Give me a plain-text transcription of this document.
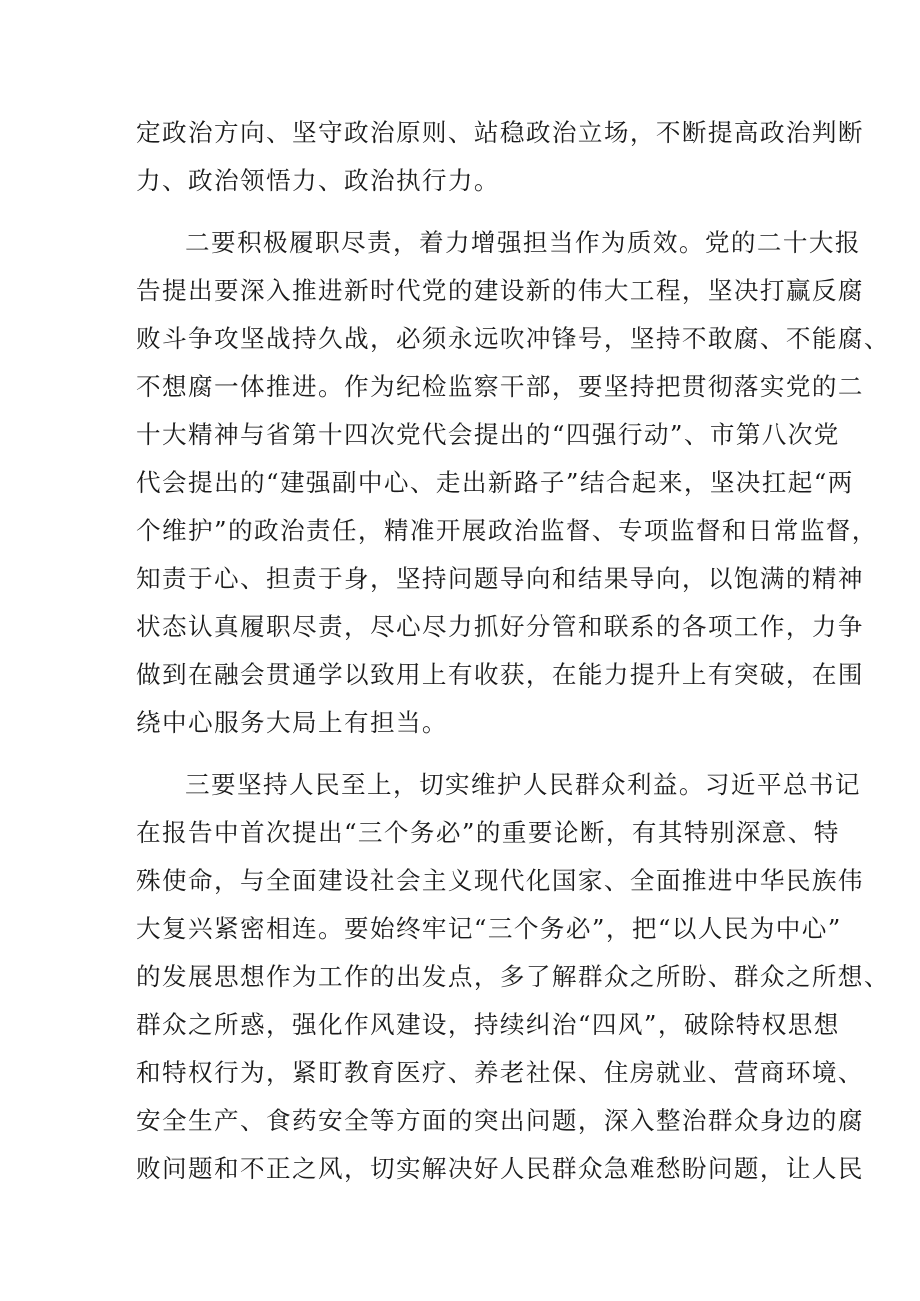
定政治方向、坚守政治原则、站稳政治立场，不断提高政治判断
力、政治领悟力、政治执行力。
二要积极履职尽责，着力增强担当作为质效。党的二十大报
告提出要深入推进新时代党的建设新的伟大工程，坚决打赢反腐
败斗争攻坚战持久战，必须永远吹冲锋号，坚持不敢腐、不能腐、
不想腐一体推进。作为纪检监察干部，要坚持把贯彻落实党的二
十大精神与省第十四次党代会提出的“四强行动”、市第八次党
代会提出的“建强副中心、走出新路子”结合起来，坚决扛起“两
个维护”的政治责任，精准开展政治监督、专项监督和日常监督，
知责于心、担责于身，坚持问题导向和结果导向，以饱满的精神
状态认真履职尽责，尽心尽力抓好分管和联系的各项工作，力争
做到在融会贯通学以致用上有收获，在能力提升上有突破，在围
绕中心服务大局上有担当。
三要坚持人民至上，切实维护人民群众利益。习近平总书记
在报告中首次提出“三个务必”的重要论断，有其特别深意、特
殊使命，与全面建设社会主义现代化国家、全面推进中华民族伟
大复兴紧密相连。要始终牢记“三个务必”，把“以人民为中心”
的发展思想作为工作的出发点，多了解群众之所盼、群众之所想、
群众之所惑，强化作风建设，持续纠治“四风”，破除特权思想
和特权行为，紧盯教育医疗、养老社保、住房就业、营商环境、
安全生产、食药安全等方面的突出问题，深入整治群众身边的腐
败问题和不正之风，切实解决好人民群众急难愁盼问题，让人民
